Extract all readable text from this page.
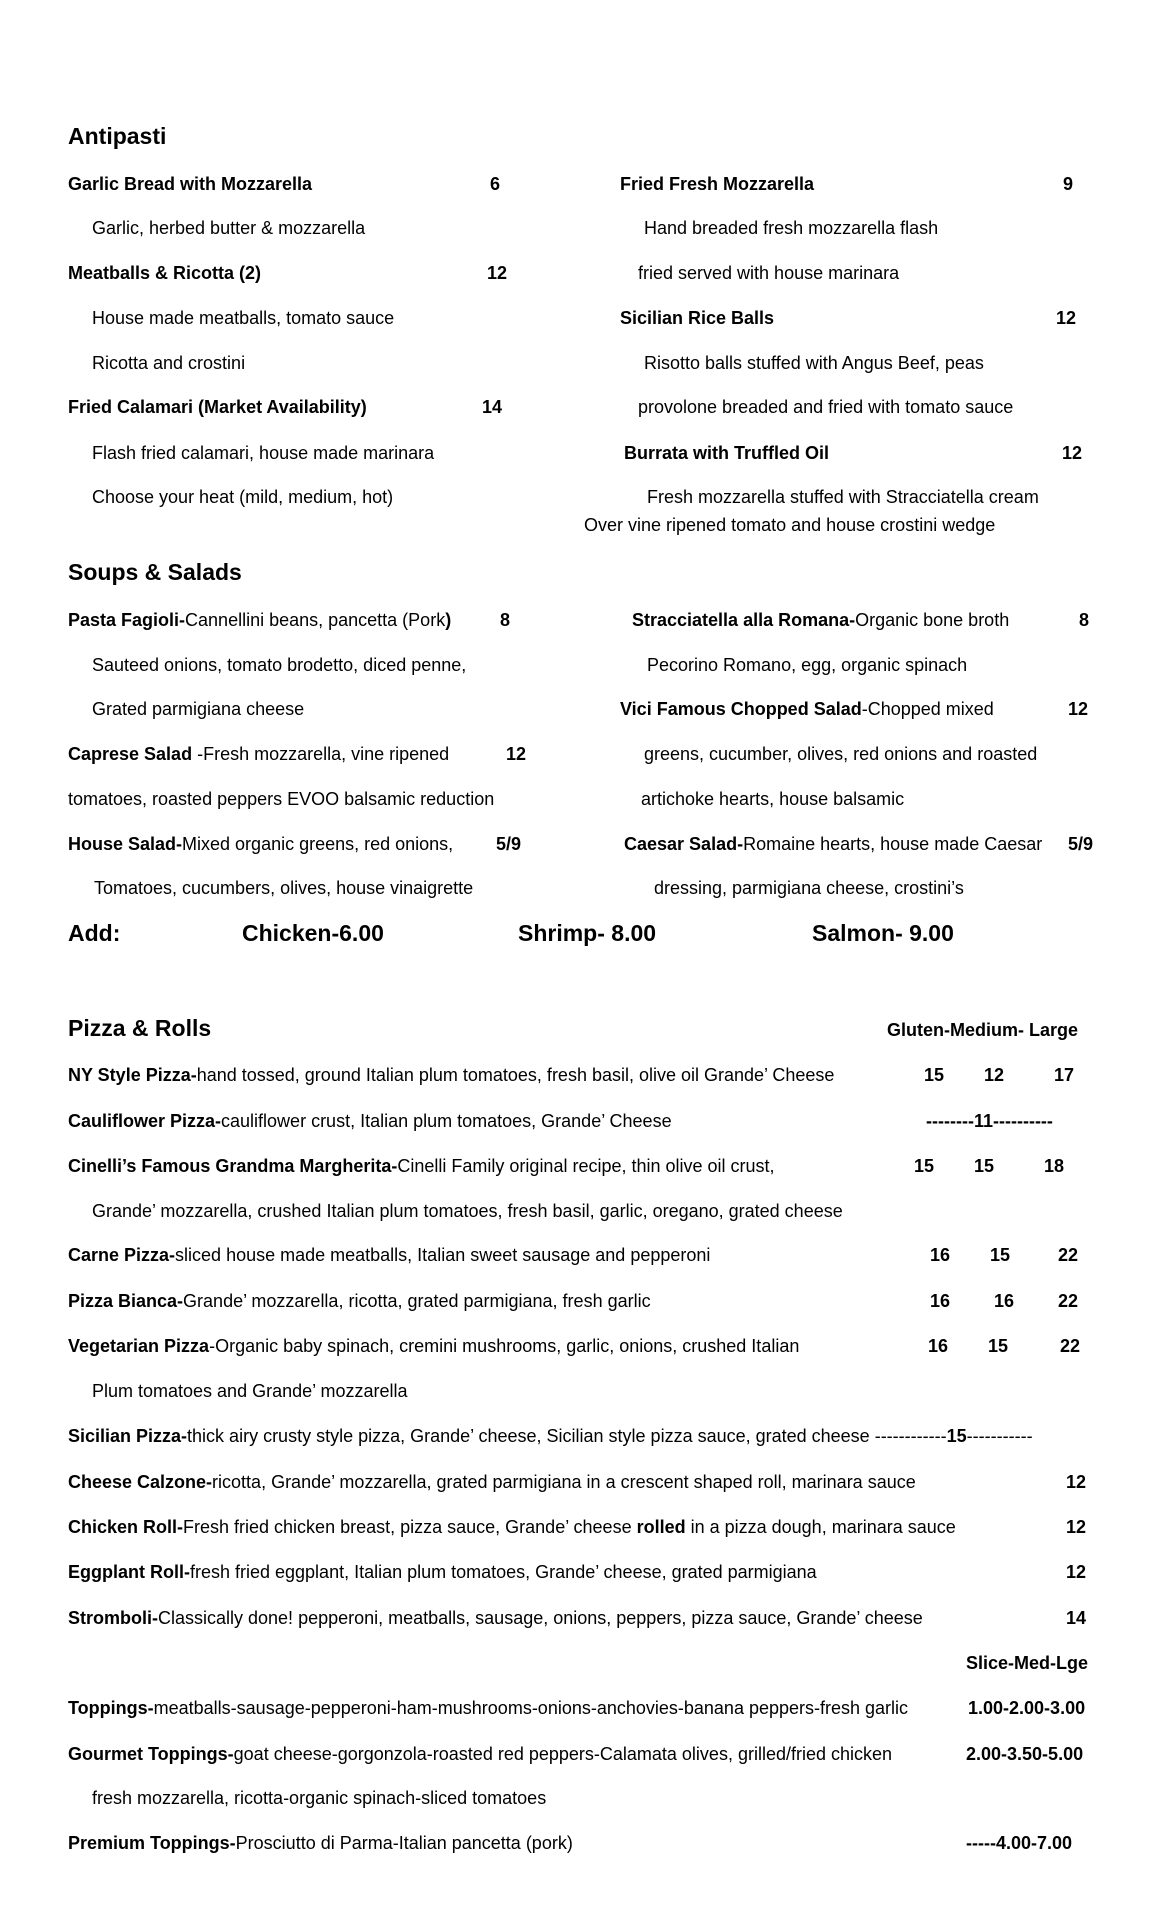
Antipasti
Garlic Bread with Mozzarella	6
Garlic, herbed butter & mozzarella
Meatballs & Ricotta (2)	12
House made meatballs, tomato sauce
Ricotta and crostini
Fried Calamari (Market Availability)	14
Flash fried calamari, house made marinara
Choose your heat (mild, medium, hot)
Fried Fresh Mozzarella	9
Hand breaded fresh mozzarella flash
fried served with house marinara
Sicilian Rice Balls	12
Risotto balls stuffed with Angus Beef, peas
provolone breaded and fried with tomato sauce
Burrata with Truffled Oil	12
Fresh mozzarella stuffed with Stracciatella cream
Over vine ripened tomato and house crostini wedge
Soups & Salads
Pasta Fagioli-Cannellini beans, pancetta (Pork)	8
Sauteed onions, tomato brodetto, diced penne,
Grated parmigiana cheese
Caprese Salad -Fresh mozzarella, vine ripened	12
tomatoes, roasted peppers EVOO balsamic reduction
House Salad-Mixed organic greens, red onions, 5/9
Tomatoes, cucumbers, olives, house vinaigrette
Stracciatella alla Romana-Organic bone broth	8
Pecorino Romano, egg, organic spinach
Vici Famous Chopped Salad-Chopped mixed	12
greens, cucumber, olives, red onions and roasted
artichoke hearts, house balsamic
Caesar Salad-Romaine hearts, house made Caesar 5/9
dressing, parmigiana cheese, crostini’s
Add:	Chicken-6.00	Shrimp- 8.00	Salmon- 9.00
Pizza & Rolls	Gluten-Medium- Large
NY Style Pizza-hand tossed, ground Italian plum tomatoes, fresh basil, olive oil Grande’ Cheese	15 12	17
Cauliflower Pizza-cauliflower crust, Italian plum tomatoes, Grande’ Cheese	--------11----------
Cinelli’s Famous Grandma Margherita-Cinelli Family original recipe, thin olive oil crust,	15 15	18
Grande’ mozzarella, crushed Italian plum tomatoes, fresh basil, garlic, oregano, grated cheese
Carne Pizza-sliced house made meatballs, Italian sweet sausage and pepperoni	16 15	22
Pizza Bianca-Grande’ mozzarella, ricotta, grated parmigiana, fresh garlic	16 16 22
Vegetarian Pizza-Organic baby spinach, cremini mushrooms, garlic, onions, crushed Italian	16 15	22
Plum tomatoes and Grande’ mozzarella
Sicilian Pizza-thick airy crusty style pizza, Grande’ cheese, Sicilian style pizza sauce, grated cheese ------------15-----------
Cheese Calzone-ricotta, Grande’ mozzarella, grated parmigiana in a crescent shaped roll, marinara sauce	12
Chicken Roll-Fresh fried chicken breast, pizza sauce, Grande’ cheese rolled in a pizza dough, marinara sauce	12
Eggplant Roll-fresh fried eggplant, Italian plum tomatoes, Grande’ cheese, grated parmigiana	12
Stromboli-Classically done! pepperoni, meatballs, sausage, onions, peppers, pizza sauce, Grande’ cheese	14
Slice-Med-Lge
Toppings-meatballs-sausage-pepperoni-ham-mushrooms-onions-anchovies-banana peppers-fresh garlic	1.00-2.00-3.00
Gourmet Toppings-goat cheese-gorgonzola-roasted red peppers-Calamata olives, grilled/fried chicken	2.00-3.50-5.00
fresh mozzarella, ricotta-organic spinach-sliced tomatoes
Premium Toppings-Prosciutto di Parma-Italian pancetta (pork)	-----4.00-7.00
